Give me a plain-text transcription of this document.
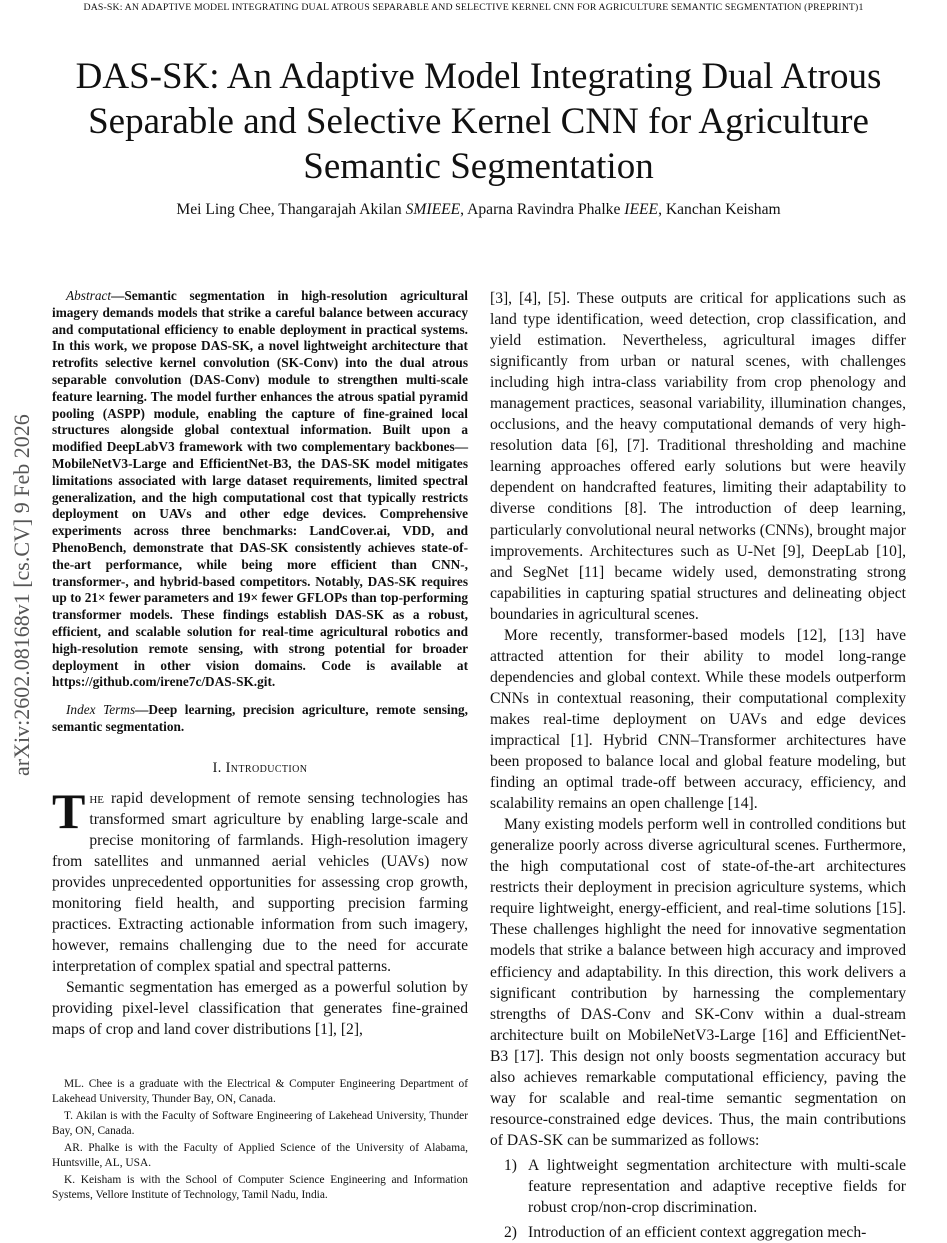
DAS-SK: AN ADAPTIVE MODEL INTEGRATING DUAL ATROUS SEPARABLE AND SELECTIVE KERNEL CNN FOR AGRICULTURE SEMANTIC SEGMENTATION (PREPRINT)1
arXiv:2602.08168v1 [cs.CV] 9 Feb 2026
DAS-SK: An Adaptive Model Integrating Dual Atrous Separable and Selective Kernel CNN for Agriculture Semantic Segmentation
Mei Ling Chee, Thangarajah Akilan SMIEEE, Aparna Ravindra Phalke IEEE, Kanchan Keisham

Abstract—Semantic segmentation in high-resolution agricultural imagery demands models that strike a careful balance between accuracy and computational efficiency to enable deployment in practical systems. In this work, we propose DAS-SK, a novel lightweight architecture that retrofits selective kernel convolution (SK-Conv) into the dual atrous separable convolution (DAS-Conv) module to strengthen multi-scale feature learning. The model further enhances the atrous spatial pyramid pooling (ASPP) module, enabling the capture of fine-grained local structures alongside global contextual information. Built upon a modified DeepLabV3 framework with two complementary backbones—MobileNetV3-Large and EfficientNet-B3, the DAS-SK model mitigates limitations associated with large dataset requirements, limited spectral generalization, and the high computational cost that typically restricts deployment on UAVs and other edge devices. Comprehensive experiments across three benchmarks: LandCover.ai, VDD, and PhenoBench, demonstrate that DAS-SK consistently achieves state-of-the-art performance, while being more efficient than CNN-, transformer-, and hybrid-based competitors. Notably, DAS-SK requires up to 21× fewer parameters and 19× fewer GFLOPs than top-performing transformer models. These findings establish DAS-SK as a robust, efficient, and scalable solution for real-time agricultural robotics and high-resolution remote sensing, with strong potential for broader deployment in other vision domains. Code is available at https://github.com/irene7c/DAS-SK.git.

Index Terms—Deep learning, precision agriculture, remote sensing, semantic segmentation.
I. Introduction

The rapid development of remote sensing technologies has transformed smart agriculture by enabling large-scale and precise monitoring of farmlands. High-resolution imagery from satellites and unmanned aerial vehicles (UAVs) now provides unprecedented opportunities for assessing crop growth, monitoring field health, and supporting precision farming practices. Extracting actionable information from such imagery, however, remains challenging due to the need for accurate interpretation of complex spatial and spectral patterns.

Semantic segmentation has emerged as a powerful solution by providing pixel-level classification that generates fine-grained maps of crop and land cover distributions [1], [2],

ML. Chee is a graduate with the Electrical & Computer Engineering Department of Lakehead University, Thunder Bay, ON, Canada.

T. Akilan is with the Faculty of Software Engineering of Lakehead University, Thunder Bay, ON, Canada.

AR. Phalke is with the Faculty of Applied Science of the University of Alabama, Huntsville, AL, USA.

K. Keisham is with the School of Computer Science Engineering and Information Systems, Vellore Institute of Technology, Tamil Nadu, India.

[3], [4], [5]. These outputs are critical for applications such as land type identification, weed detection, crop classification, and yield estimation. Nevertheless, agricultural images differ significantly from urban or natural scenes, with challenges including high intra-class variability from crop phenology and management practices, seasonal variability, illumination changes, occlusions, and the heavy computational demands of very high-resolution data [6], [7]. Traditional thresholding and machine learning approaches offered early solutions but were heavily dependent on handcrafted features, limiting their adaptability to diverse conditions [8]. The introduction of deep learning, particularly convolutional neural networks (CNNs), brought major improvements. Architectures such as U-Net [9], DeepLab [10], and SegNet [11] became widely used, demonstrating strong capabilities in capturing spatial structures and delineating object boundaries in agricultural scenes.

More recently, transformer-based models [12], [13] have attracted attention for their ability to model long-range dependencies and global context. While these models outperform CNNs in contextual reasoning, their computational complexity makes real-time deployment on UAVs and edge devices impractical [1]. Hybrid CNN–Transformer architectures have been proposed to balance local and global feature modeling, but finding an optimal trade-off between accuracy, efficiency, and scalability remains an open challenge [14].

Many existing models perform well in controlled conditions but generalize poorly across diverse agricultural scenes. Furthermore, the high computational cost of state-of-the-art architectures restricts their deployment in precision agriculture systems, which require lightweight, energy-efficient, and real-time solutions [15]. These challenges highlight the need for innovative segmentation models that strike a balance between high accuracy and improved efficiency and adaptability. In this direction, this work delivers a significant contribution by harnessing the complementary strengths of DAS-Conv and SK-Conv within a dual-stream architecture built on MobileNetV3-Large [16] and EfficientNet-B3 [17]. This design not only boosts segmentation accuracy but also achieves remarkable computational efficiency, paving the way for scalable and real-time semantic segmentation on resource-constrained edge devices. Thus, the main contributions of DAS-SK can be summarized as follows:

1) A lightweight segmentation architecture with multi-scale feature representation and adaptive receptive fields for robust crop/non-crop discrimination.
2) Introduction of an efficient context aggregation mech-
